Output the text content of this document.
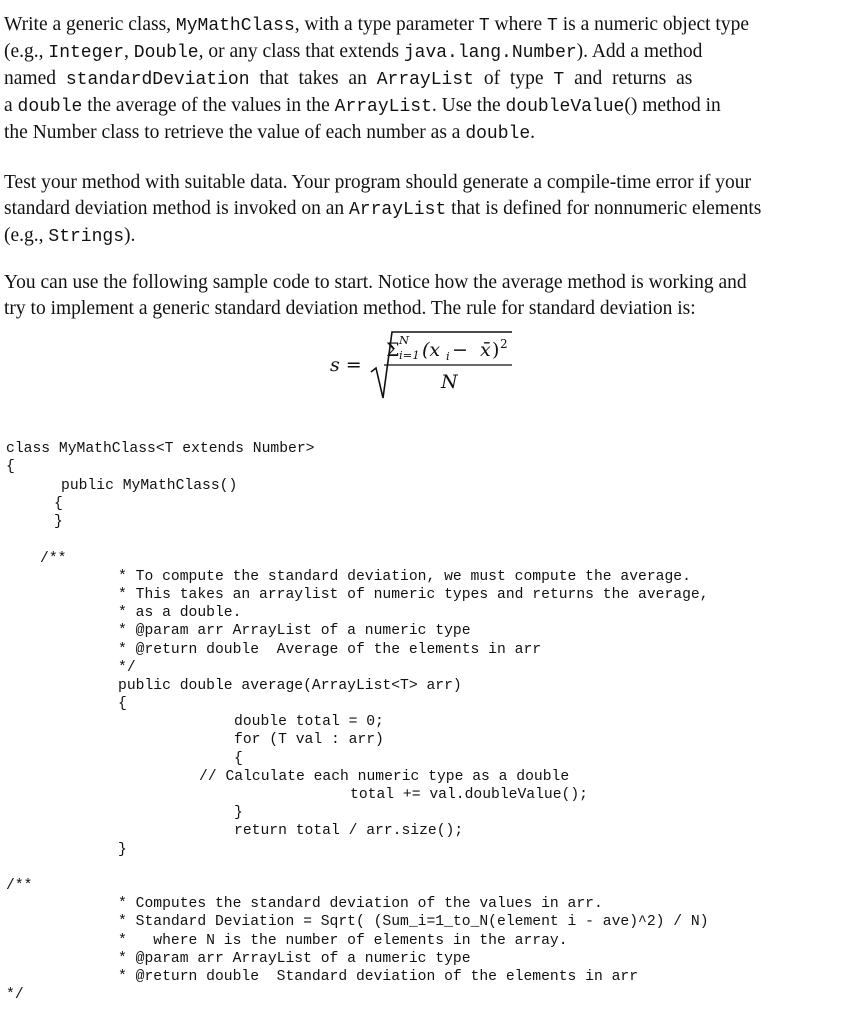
Write a generic class, MyMathClass, with a type parameter T where T is a numeric object type
(e.g., Integer, Double, or any class that extends java.lang.Number). Add a method
named standardDeviation that takes an ArrayList of type T and returns as
a double the average of the values in the ArrayList. Use the doubleValue() method in
the Number class to retrieve the value of each number as a double.
Test your method with suitable data. Your program should generate a compile-time error if your
standard deviation method is invoked on an ArrayList that is defined for nonnumeric elements
(e.g., Strings).
You can use the following sample code to start. Notice how the average method is working and
try to implement a generic standard deviation method. The rule for standard deviation is:
s =
Σ N
i=1 (x i − x̄ ) 2
N
class MyMathClass<T extends Number>
{
public MyMathClass()
{
}
/**
* To compute the standard deviation, we must compute the average.
* This takes an arraylist of numeric types and returns the average,
* as a double.
* @param arr ArrayList of a numeric type
* @return double  Average of the elements in arr
*/
public double average(ArrayList<T> arr)
{
double total = 0;
for (T val : arr)
{
// Calculate each numeric type as a double
total += val.doubleValue();
}
return total / arr.size();
}
/**
* Computes the standard deviation of the values in arr.
* Standard Deviation = Sqrt( (Sum_i=1_to_N(element i - ave)^2) / N)
*   where N is the number of elements in the array.
* @param arr ArrayList of a numeric type
* @return double  Standard deviation of the elements in arr
*/
